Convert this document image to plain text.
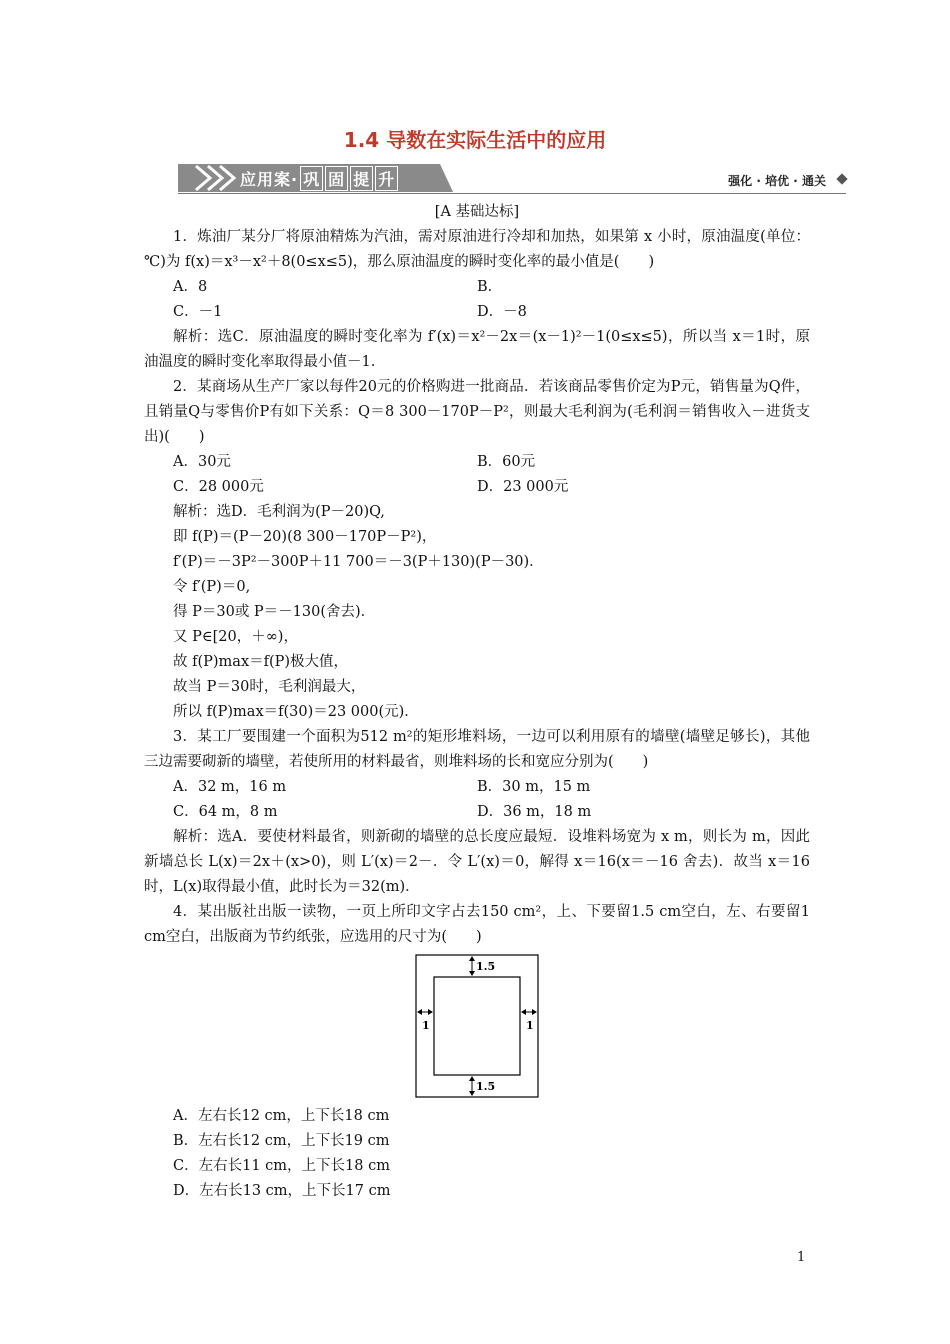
1.4 导数在实际生活中的应用
应用案· 巩 固 提 升	强化 · 培优 · 通关
[A 基础达标]

1．炼油厂某分厂将原油精炼为汽油，需对原油进行冷却和加热，如果第 x 小时，原油温度(单位：℃)为 f(x)＝x³－x²＋8(0≤x≤5)，那么原油温度的瞬时变化率的最小值是(　　)

A．8	B．
C．－1	D．－8

解析：选C．原油温度的瞬时变化率为 f′(x)＝x²－2x＝(x－1)²－1(0≤x≤5)，所以当 x＝1时，原油温度的瞬时变化率取得最小值－1.

2．某商场从生产厂家以每件20元的价格购进一批商品．若该商品零售价定为P元，销售量为Q件，且销量Q与零售价P有如下关系：Q＝8 300－170P－P²，则最大毛利润为(毛利润＝销售收入－进货支出)(　　)

A．30元	B．60元
C．28 000元	D．23 000元
解析：选D．毛利润为(P－20)Q,
即 f(P)＝(P－20)(8 300－170P－P²)，
f′(P)＝－3P²－300P＋11 700＝－3(P＋130)(P－30)．
令 f′(P)＝0,
得 P＝30或 P＝－130(舍去)．
又 P∈[20，＋∞)，
故 f(P)max＝f(P)极大值，
故当 P＝30时，毛利润最大，
所以 f(P)max＝f(30)＝23 000(元)．

3．某工厂要围建一个面积为512 m²的矩形堆料场，一边可以利用原有的墙壁(墙壁足够长)，其他三边需要砌新的墙壁，若使所用的材料最省，则堆料场的长和宽应分别为(　　)

A．32 m，16 m	B．30 m，15 m
C．64 m，8 m	D．36 m，18 m

解析：选A．要使材料最省，则新砌的墙壁的总长度应最短．设堆料场宽为 x m，则长为 m，因此新墙总长 L(x)＝2x＋(x>0)，则 L′(x)＝2－．令 L′(x)＝0，解得 x＝16(x＝－16 舍去)．故当 x＝16时，L(x)取得最小值，此时长为＝32(m)．

4．某出版社出版一读物，一页上所印文字占去150 cm²，上、下要留1.5 cm空白，左、右要留1 cm空白，出版商为节约纸张，应选用的尺寸为(　　)

1.5
1.5
1	1
A．左右长12 cm，上下长18 cm
B．左右长12 cm，上下长19 cm
C．左右长11 cm，上下长18 cm
D．左右长13 cm，上下长17 cm
1
